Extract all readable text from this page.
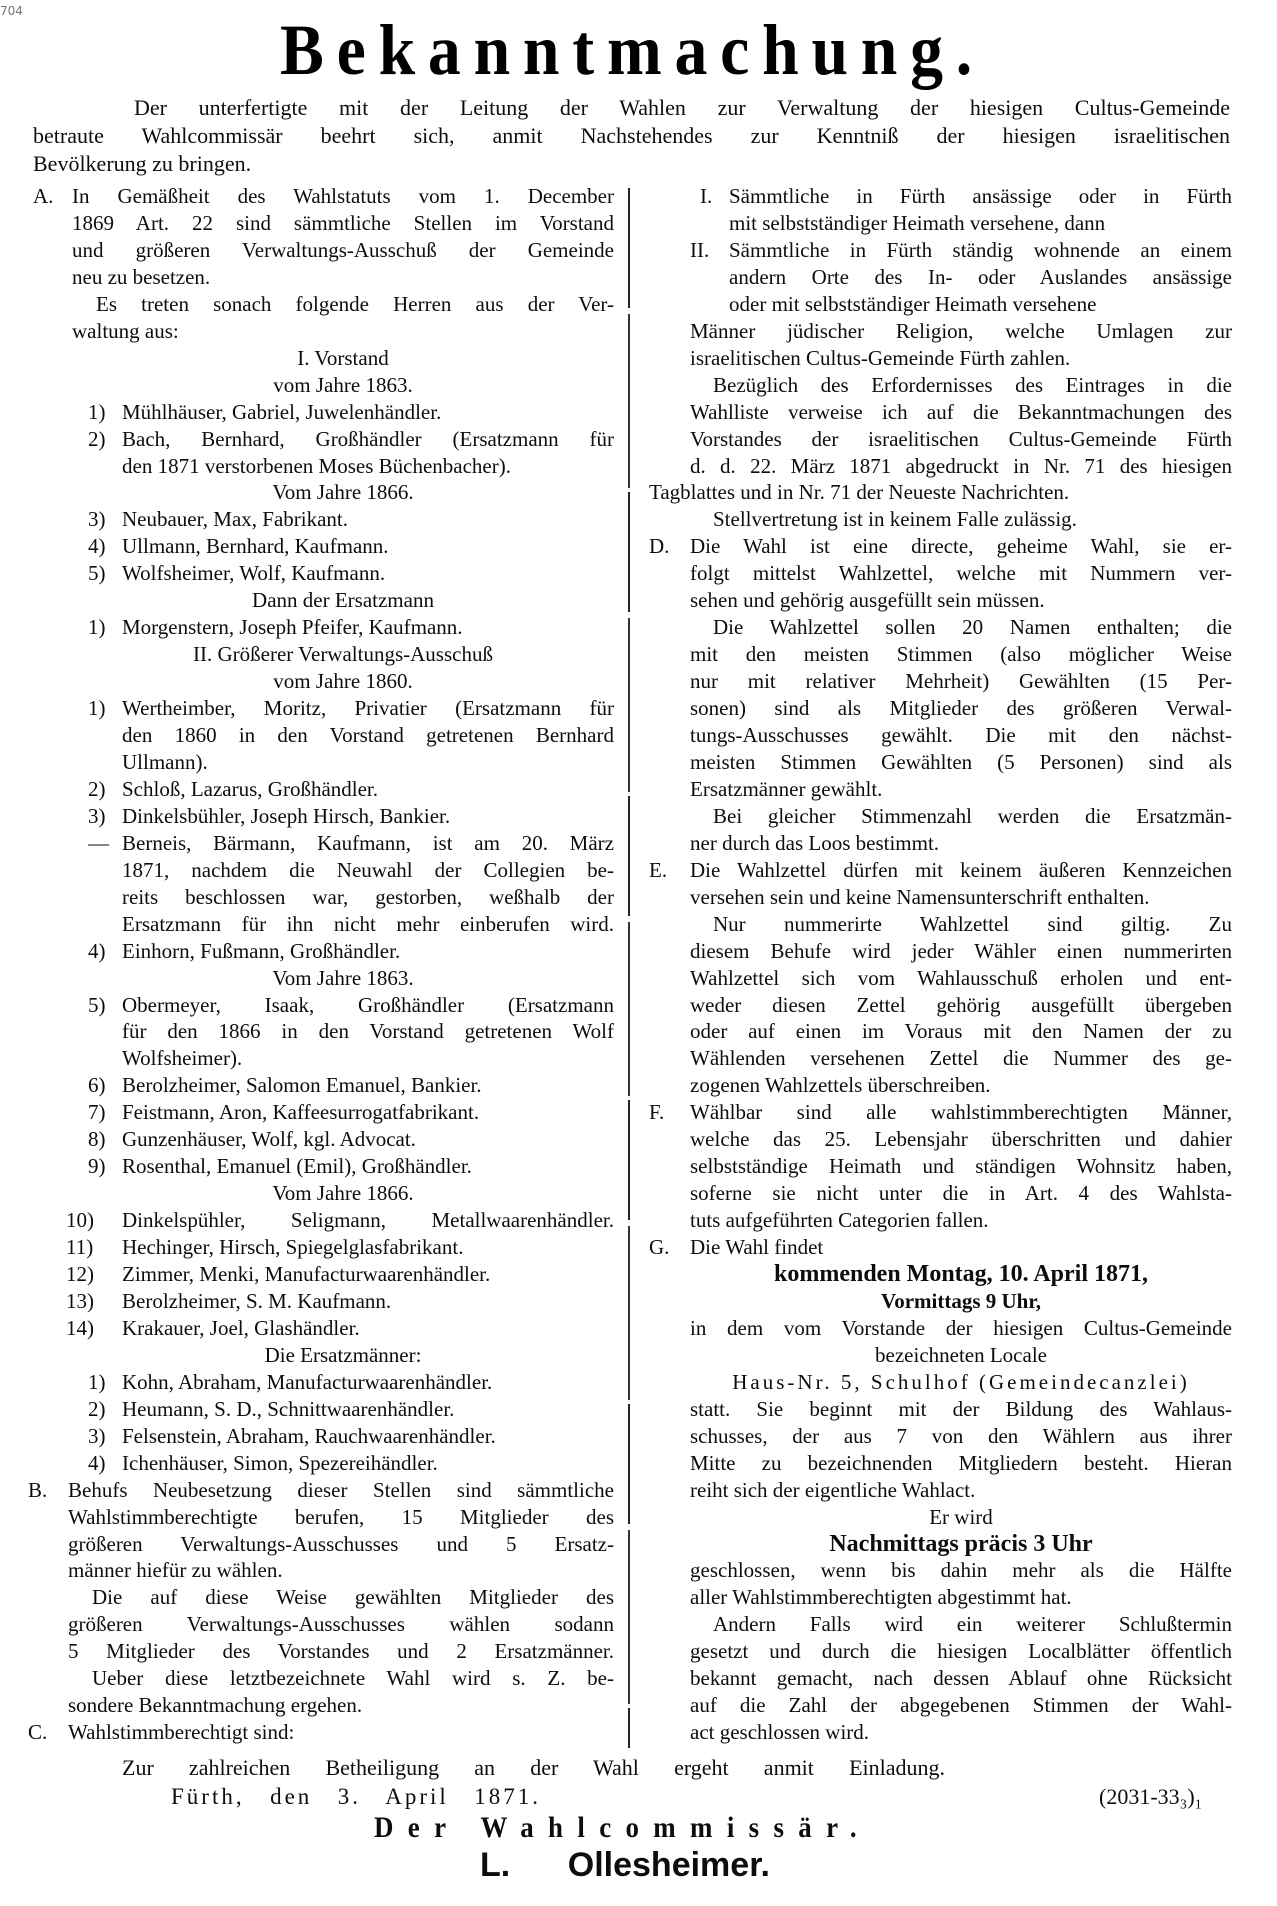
704	Bekanntmachung.
Der unterfertigte mit der Leitung der Wahlen zur Verwaltung der hiesigen Cultus-Gemeinde
betraute Wahlcommissär beehrt sich, anmit Nachstehendes zur Kenntniß der hiesigen israelitischen
Bevölkerung zu bringen.
In Gemäßheit des Wahlstatuts vom 1. December
A.
1869 Art. 22 sind sämmtliche Stellen im Vorstand
und größeren Verwaltungs-Ausschuß der Gemeinde
neu zu besetzen.
Es treten sonach folgende Herren aus der Ver-
waltung aus:
I. Vorstand
vom Jahre 1863.
Mühlhäuser, Gabriel, Juwelenhändler.
1)
Bach, Bernhard, Großhändler (Ersatzmann für
2)
den 1871 verstorbenen Moses Büchenbacher).
Vom Jahre 1866.
Neubauer, Max, Fabrikant.
3)
Ullmann, Bernhard, Kaufmann.
4)
Wolfsheimer, Wolf, Kaufmann.
5)
Dann der Ersatzmann
Morgenstern, Joseph Pfeifer, Kaufmann.
1)
II. Größerer Verwaltungs-Ausschuß
vom Jahre 1860.
Wertheimber, Moritz, Privatier (Ersatzmann für
1)
den 1860 in den Vorstand getretenen Bernhard
Ullmann).
Schloß, Lazarus, Großhändler.
2)
Dinkelsbühler, Joseph Hirsch, Bankier.
3)
Berneis, Bärmann, Kaufmann, ist am 20. März
—
1871, nachdem die Neuwahl der Collegien be-
reits beschlossen war, gestorben, weßhalb der
Ersatzmann für ihn nicht mehr einberufen wird.
Einhorn, Fußmann, Großhändler.
4)
Vom Jahre 1863.
Obermeyer, Isaak, Großhändler (Ersatzmann
5)
für den 1866 in den Vorstand getretenen Wolf
Wolfsheimer).
Berolzheimer, Salomon Emanuel, Bankier.
6)
Feistmann, Aron, Kaffeesurrogatfabrikant.
7)
Gunzenhäuser, Wolf, kgl. Advocat.
8)
Rosenthal, Emanuel (Emil), Großhändler.
9)
Vom Jahre 1866.
Dinkelspühler, Seligmann, Metallwaarenhändler.
10)
Hechinger, Hirsch, Spiegelglasfabrikant.
11)
Zimmer, Menki, Manufacturwaarenhändler.
12)
Berolzheimer, S. M. Kaufmann.
13)
Krakauer, Joel, Glashändler.
14)
Die Ersatzmänner:
Kohn, Abraham, Manufacturwaarenhändler.
1)
Heumann, S. D., Schnittwaarenhändler.
2)
Felsenstein, Abraham, Rauchwaarenhändler.
3)
Ichenhäuser, Simon, Spezereihändler.
4)
Behufs Neubesetzung dieser Stellen sind sämmtliche
B.
Wahlstimmberechtigte berufen, 15 Mitglieder des
größeren Verwaltungs-Ausschusses und 5 Ersatz-
männer hiefür zu wählen.
Die auf diese Weise gewählten Mitglieder des
größeren Verwaltungs-Ausschusses wählen sodann
5 Mitglieder des Vorstandes und 2 Ersatzmänner.
Ueber diese letztbezeichnete Wahl wird s. Z. be-
sondere Bekanntmachung ergehen.
Wahlstimmberechtigt sind:
C.
Sämmtliche in Fürth ansässige oder in Fürth
I.
mit selbstständiger Heimath versehene, dann
Sämmtliche in Fürth ständig wohnende an einem
II.
andern Orte des In- oder Auslandes ansässige
oder mit selbstständiger Heimath versehene
Männer jüdischer Religion, welche Umlagen zur
israelitischen Cultus-Gemeinde Fürth zahlen.
Bezüglich des Erfordernisses des Eintrages in die
Wahlliste verweise ich auf die Bekanntmachungen des
Vorstandes der israelitischen Cultus-Gemeinde Fürth
d. d. 22. März 1871 abgedruckt in Nr. 71 des hiesigen
Tagblattes und in Nr. 71 der Neueste Nachrichten.
Stellvertretung ist in keinem Falle zulässig.
Die Wahl ist eine directe, geheime Wahl, sie er-
D.
folgt mittelst Wahlzettel, welche mit Nummern ver-
sehen und gehörig ausgefüllt sein müssen.
Die Wahlzettel sollen 20 Namen enthalten; die
mit den meisten Stimmen (also möglicher Weise
nur mit relativer Mehrheit) Gewählten (15 Per-
sonen) sind als Mitglieder des größeren Verwal-
tungs-Ausschusses gewählt. Die mit den nächst-
meisten Stimmen Gewählten (5 Personen) sind als
Ersatzmänner gewählt.
Bei gleicher Stimmenzahl werden die Ersatzmän-
ner durch das Loos bestimmt.
Die Wahlzettel dürfen mit keinem äußeren Kennzeichen
E.
versehen sein und keine Namensunterschrift enthalten.
Nur nummerirte Wahlzettel sind giltig. Zu
diesem Behufe wird jeder Wähler einen nummerirten
Wahlzettel sich vom Wahlausschuß erholen und ent-
weder diesen Zettel gehörig ausgefüllt übergeben
oder auf einen im Voraus mit den Namen der zu
Wählenden versehenen Zettel die Nummer des ge-
zogenen Wahlzettels überschreiben.
Wählbar sind alle wahlstimmberechtigten Männer,
F.
welche das 25. Lebensjahr überschritten und dahier
selbstständige Heimath und ständigen Wohnsitz haben,
soferne sie nicht unter die in Art. 4 des Wahlsta-
tuts aufgeführten Categorien fallen.
Die Wahl findet
G.
kommenden Montag, 10. April 1871,
Vormittags 9 Uhr,
in dem vom Vorstande der hiesigen Cultus-Gemeinde
bezeichneten Locale
Haus-Nr. 5, Schulhof (Gemeindecanzlei)
statt. Sie beginnt mit der Bildung des Wahlaus-
schusses, der aus 7 von den Wählern aus ihrer
Mitte zu bezeichnenden Mitgliedern besteht. Hieran
reiht sich der eigentliche Wahlact.
Er wird
Nachmittags präcis 3 Uhr
geschlossen, wenn bis dahin mehr als die Hälfte
aller Wahlstimmberechtigten abgestimmt hat.
Andern Falls wird ein weiterer Schlußtermin
gesetzt und durch die hiesigen Localblätter öffentlich
bekannt gemacht, nach dessen Ablauf ohne Rücksicht
auf die Zahl der abgegebenen Stimmen der Wahl-
act geschlossen wird.
Zur zahlreichen Betheiligung an der Wahl ergeht anmit Einladung.
Fürth, den 3. April 1871.	(2031-33₃)₁
Der Wahlcommissär.
L. Ollesheimer.
